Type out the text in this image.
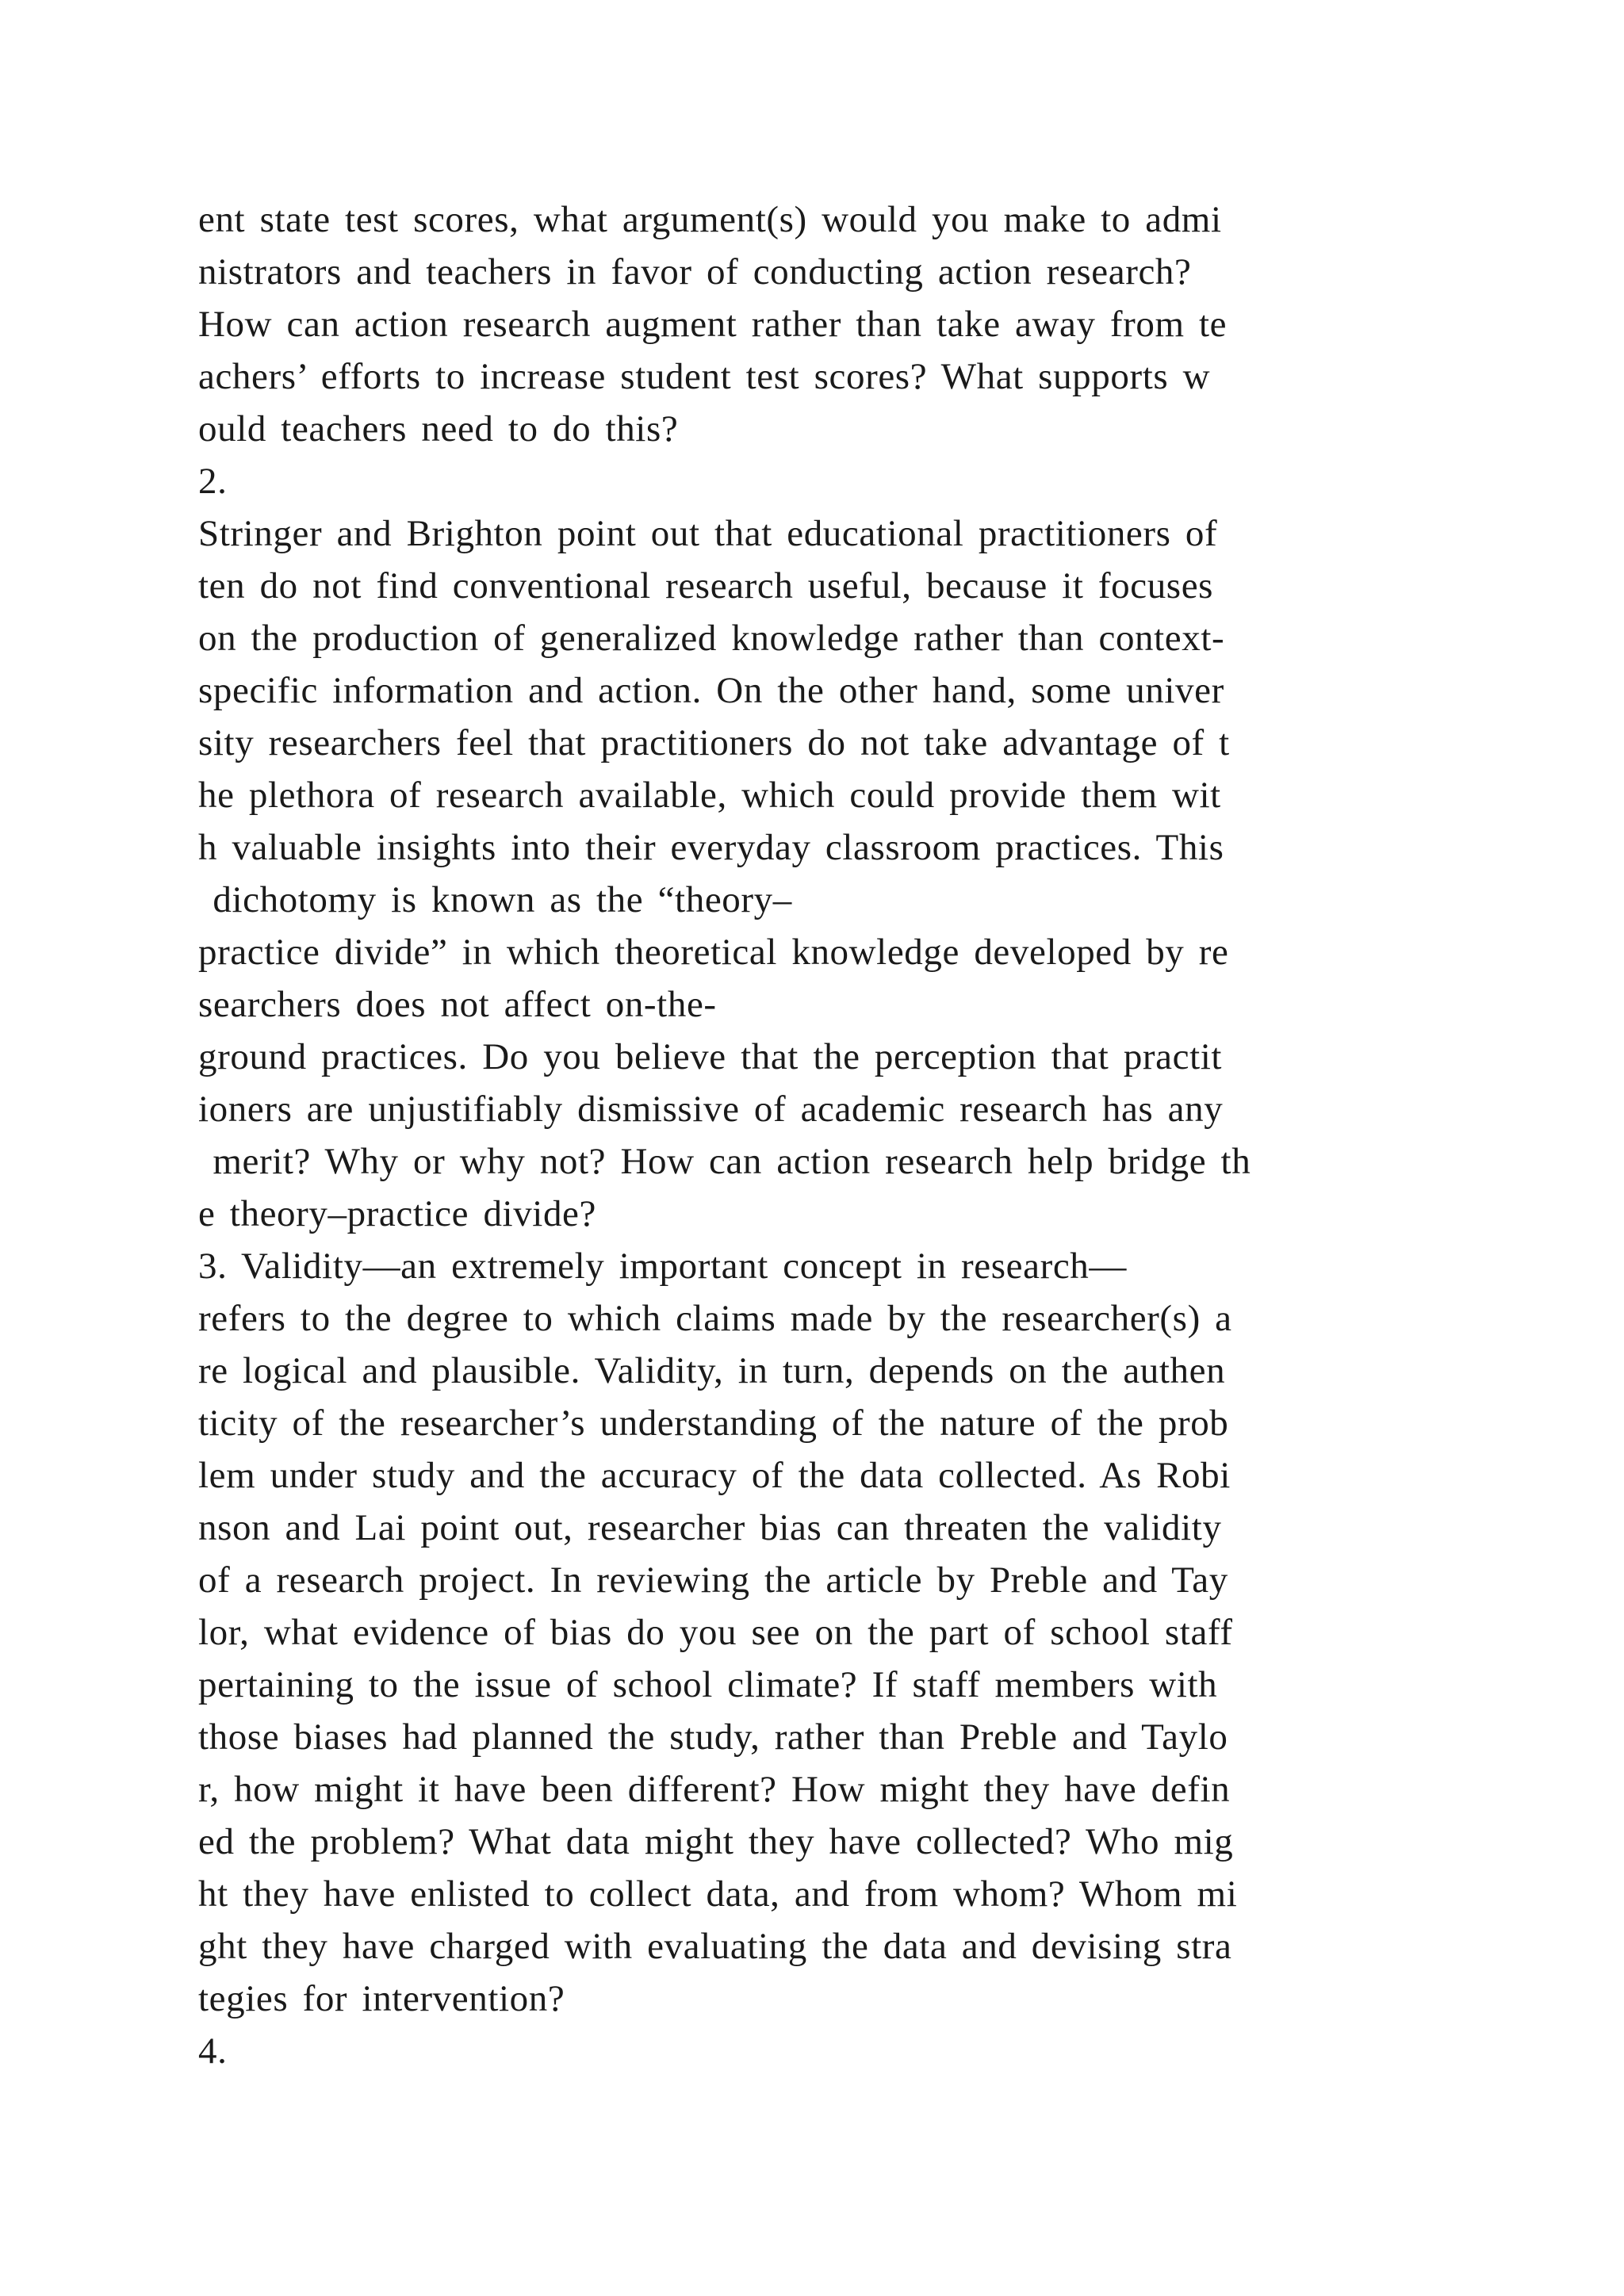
ent state test scores, what argument(s) would you make to admi
nistrators and teachers in favor of conducting action research?
How can action research augment rather than take away from te
achers’ efforts to increase student test scores? What supports w
ould teachers need to do this?
2.
Stringer and Brighton point out that educational practitioners of
ten do not find conventional research useful, because it focuses
on the production of generalized knowledge rather than context-
specific information and action. On the other hand, some univer
sity researchers feel that practitioners do not take advantage of t
he plethora of research available, which could provide them wit
h valuable insights into their everyday classroom practices. This
dichotomy is known as the “theory–
practice divide” in which theoretical knowledge developed by re
searchers does not affect on-the-
ground practices. Do you believe that the perception that practit
ioners are unjustifiably dismissive of academic research has any
merit? Why or why not? How can action research help bridge th
e theory–practice divide?
3. Validity—an extremely important concept in research—
refers to the degree to which claims made by the researcher(s) a
re logical and plausible. Validity, in turn, depends on the authen
ticity of the researcher’s understanding of the nature of the prob
lem under study and the accuracy of the data collected. As Robi
nson and Lai point out, researcher bias can threaten the validity
of a research project. In reviewing the article by Preble and Tay
lor, what evidence of bias do you see on the part of school staff
pertaining to the issue of school climate? If staff members with
those biases had planned the study, rather than Preble and Taylo
r, how might it have been different? How might they have defin
ed the problem? What data might they have collected? Who mig
ht they have enlisted to collect data, and from whom? Whom mi
ght they have charged with evaluating the data and devising stra
tegies for intervention?
4.
